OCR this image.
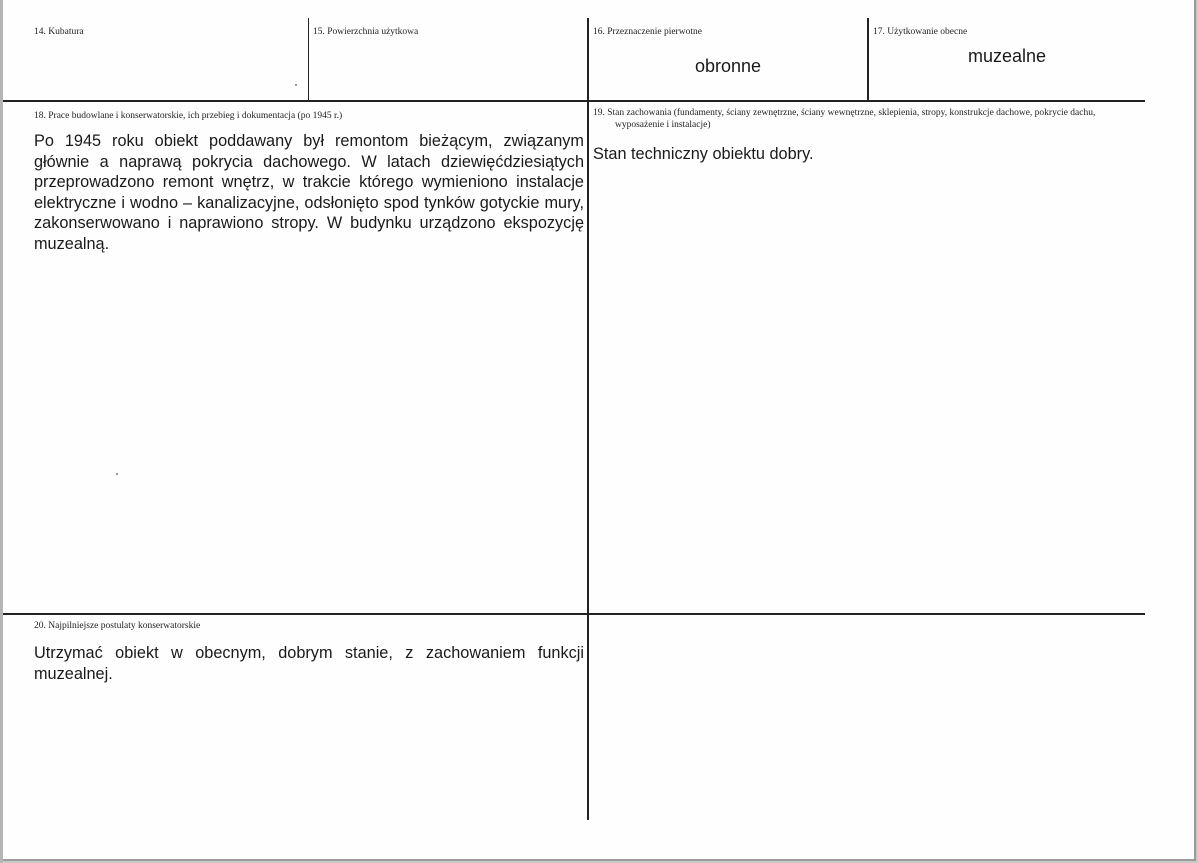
14. Kubatura	15. Powierzchnia użytkowa	16. Przeznaczenie pierwotne
obronne
17. Użytkowanie obecne
muzealne
18. Prace budowlane i konserwatorskie, ich przebieg i dokumentacja (po 1945 r.)
Po 1945 roku obiekt poddawany był remontom bieżącym, związanym głównie a naprawą pokrycia dachowego. W latach dziewięćdziesiątych przeprowadzono remont wnętrz, w trakcie którego wymieniono instalacje elektryczne i wodno – kanalizacyjne, odsłonięto spod tynków gotyckie mury, zakonserwowano i naprawiono stropy. W budynku urządzono ekspozycję muzealną.
19. Stan zachowania (fundamenty, ściany zewnętrzne, ściany wewnętrzne, sklepienia, stropy, konstrukcje dachowe, pokrycie dachu, wyposażenie i instalacje)
Stan techniczny obiektu dobry.
20. Najpilniejsze postulaty konserwatorskie
Utrzymać obiekt w obecnym, dobrym stanie, z zachowaniem funkcji muzealnej.
